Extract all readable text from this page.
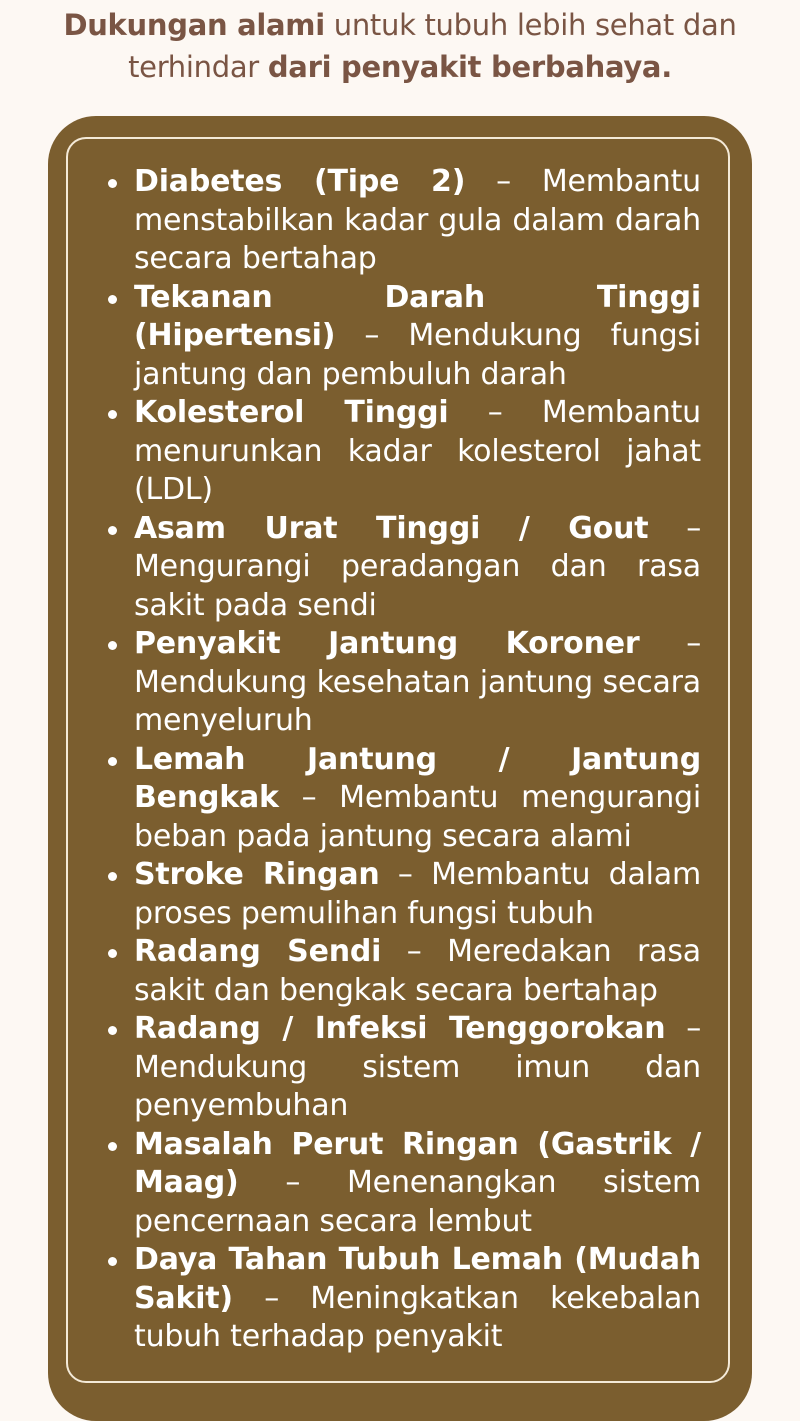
Dukungan alami untuk tubuh lebih sehat dan
terhindar dari penyakit berbahaya.
Diabetes (Tipe 2) – Membantu menstabilkan kadar gula dalam darah secara bertahap
Tekanan Darah Tinggi (Hipertensi) – Mendukung fungsi jantung dan pembuluh darah
Kolesterol Tinggi – Membantu menurunkan kadar kolesterol jahat (LDL)
Asam Urat Tinggi / Gout – Mengurangi peradangan dan rasa sakit pada sendi
Penyakit Jantung Koroner – Mendukung kesehatan jantung secara menyeluruh
Lemah Jantung / Jantung Bengkak – Membantu mengurangi beban pada jantung secara alami
Stroke Ringan – Membantu dalam proses pemulihan fungsi tubuh
Radang Sendi – Meredakan rasa sakit dan bengkak secara bertahap
Radang / Infeksi Tenggorokan – Mendukung sistem imun dan penyembuhan
Masalah Perut Ringan (Gastrik / Maag) – Menenangkan sistem pencernaan secara lembut
Daya Tahan Tubuh Lemah (Mudah Sakit) – Meningkatkan kekebalan tubuh terhadap penyakit
